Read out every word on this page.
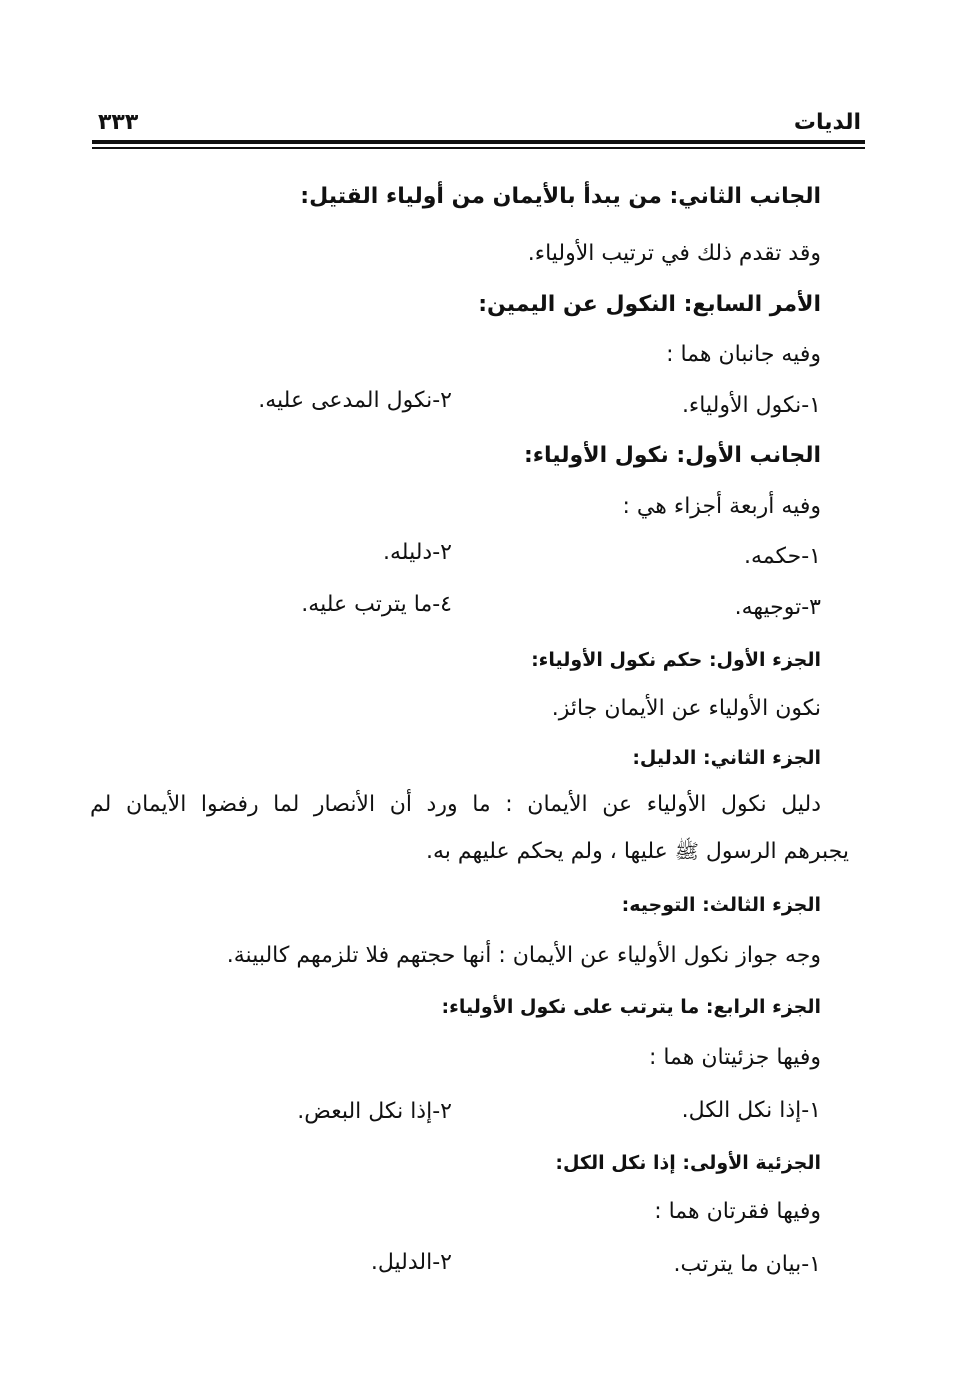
الديات
٣٣٣
الجانب الثاني: من يبدأ بالأيمان من أولياء القتيل:
وقد تقدم ذلك في ترتيب الأولياء.
الأمر السابع: النكول عن اليمين:
وفيه جانبان هما :
١-نكول الأولياء.
٢-نكول المدعى عليه.
الجانب الأول: نكول الأولياء:
وفيه أربعة أجزاء هي :
١-حكمه.
٢-دليله.
٣-توجيهه.
٤-ما يترتب عليه.
الجزء الأول: حكم نكول الأولياء:
نكون الأولياء عن الأيمان جائز.
الجزء الثاني: الدليل:
دليل نكول الأولياء عن الأيمان : ما ورد أن الأنصار لما رفضوا الأيمان لم
يجبرهم الرسول ﷺ عليها ، ولم يحكم عليهم به.
الجزء الثالث: التوجيه:
وجه جواز نكول الأولياء عن الأيمان : أنها حجتهم فلا تلزمهم كالبينة.
الجزء الرابع: ما يترتب على نكول الأولياء:
وفيها جزئيتان هما :
١-إذا نكل الكل.
٢-إذا نكل البعض.
الجزئية الأولى: إذا نكل الكل:
وفيها فقرتان هما :
١-بيان ما يترتب.
٢-الدليل.
